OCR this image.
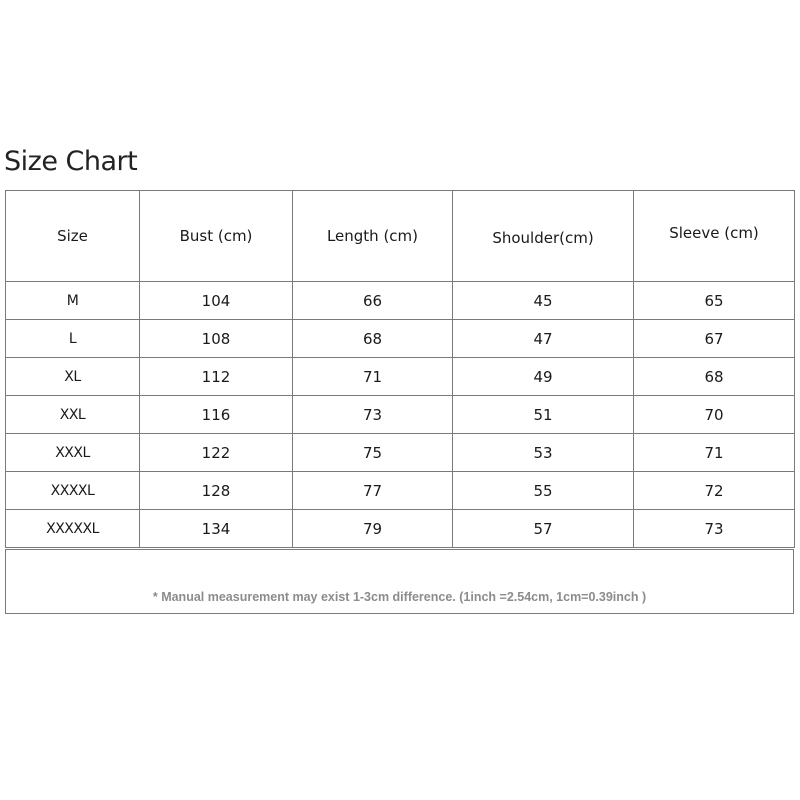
Size Chart
Size	Bust (cm)	Length (cm)	Shoulder(cm)	Sleeve (cm)
M	104	66	45	65
L	108	68	47	67
XL	112	71	49	68
XXL	116	73	51	70
XXXL	122	75	53	71
XXXXL	128	77	55	72
XXXXXL	134	79	57	73
* Manual measurement may exist 1-3cm difference. (1inch =2.54cm, 1cm=0.39inch )
